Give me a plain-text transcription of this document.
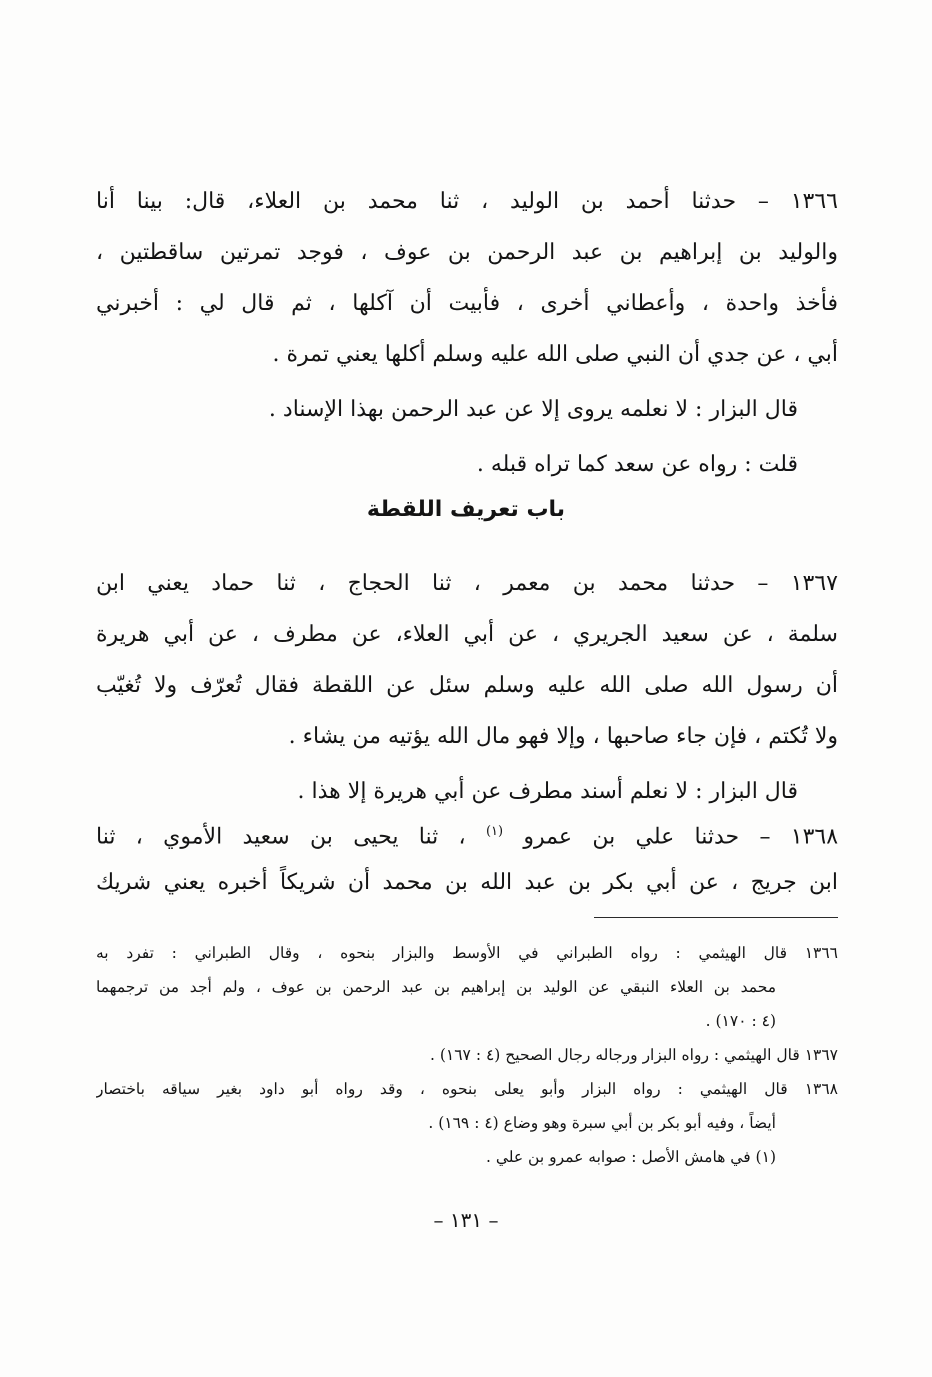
١٣٦٦ – حدثنا أحمد بن الوليد ، ثنا محمد بن العلاء، قال: بينا أنا
والوليد بن إبراهيم بن عبد الرحمن بن عوف ، فوجد تمرتين ساقطتين ،
فأخذ واحدة ، وأعطاني أخرى ، فأبيت أن آكلها ، ثم قال لي : أخبرني
أبي ، عن جدي أن النبي صلى الله عليه وسلم أكلها يعني تمرة .
قال البزار : لا نعلمه يروى إلا عن عبد الرحمن بهذا الإسناد .
قلت : رواه عن سعد كما تراه قبله .
باب تعريف اللقطة
١٣٦٧ – حدثنا محمد بن معمر ، ثنا الحجاج ، ثنا حماد يعني ابن
سلمة ، عن سعيد الجريري ، عن أبي العلاء، عن مطرف ، عن أبي هريرة
أن رسول الله صلى الله عليه وسلم سئل عن اللقطة فقال تُعرّف ولا تُغيّب
ولا تُكتم ، فإن جاء صاحبها ، وإلا فهو مال الله يؤتيه من يشاء .
قال البزار : لا نعلم أسند مطرف عن أبي هريرة إلا هذا .
١٣٦٨ – حدثنا علي بن عمرو $^{(١)}$ ، ثنا يحيى بن سعيد الأموي ، ثنا
ابن جريج ، عن أبي بكر بن عبد الله بن محمد أن شريكاً أخبره يعني شريك
١٣٦٦ قال الهيثمي : رواه الطبراني في الأوسط والبزار بنحوه ، وقال الطبراني : تفرد به
محمد بن العلاء النبقي عن الوليد بن إبراهيم بن عبد الرحمن بن عوف ، ولم أجد من ترجمهما
(٤ : ١٧٠) .
١٣٦٧ قال الهيثمي : رواه البزار ورجاله رجال الصحيح (٤ : ١٦٧) .
١٣٦٨ قال الهيثمي : رواه البزار وأبو يعلى بنحوه ، وقد رواه أبو داود بغير سياقه باختصار
أيضاً ، وفيه أبو بكر بن أبي سبرة وهو وضاع (٤ : ١٦٩) .
(١) في هامش الأصل : صوابه عمرو بن علي .
– ١٣١ –
